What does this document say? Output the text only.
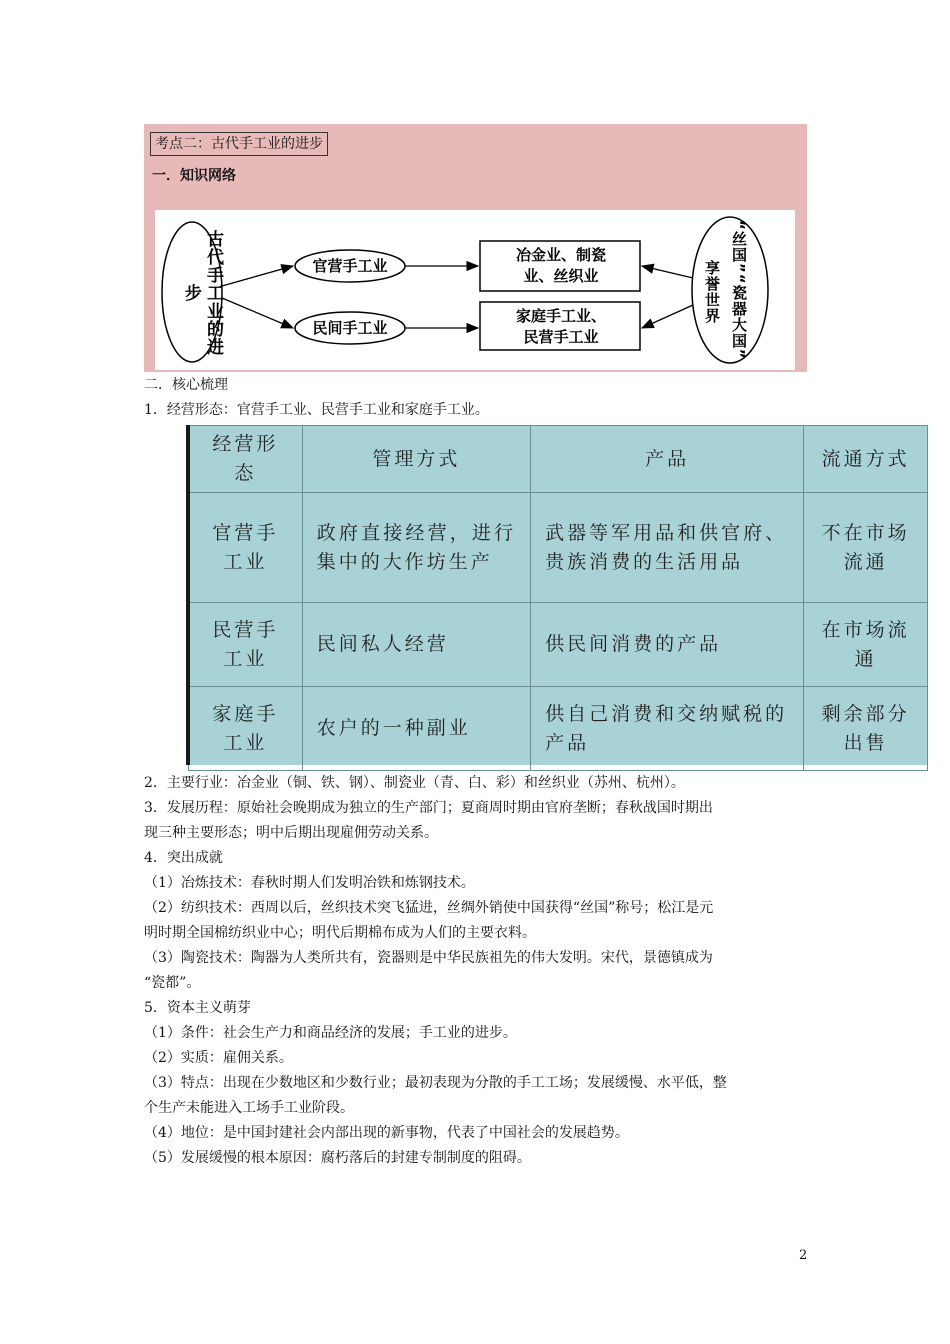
考点二：古代手工业的进步
一．知识网络
古代手工业的进步
官营手工业
民间手工业
冶金业、制瓷
业、丝织业
家庭手工业、
民营手工业	“丝国”“瓷器大国”
享誉世界
二．核心梳理
1．经营形态：官营手工业、民营手工业和家庭手工业。
经营形态	管理方式	产品	流通方式
官营手工业	政府直接经营，进行集中的大作坊生产	武器等军用品和供官府、贵族消费的生活用品	不在市场流通
民营手工业	民间私人经营	供民间消费的产品	在市场流通
家庭手工业	农户的一种副业	供自己消费和交纳赋税的产品	剩余部分出售
2．主要行业：冶金业（铜、铁、钢）、制瓷业（青、白、彩）和丝织业（苏州、杭州）。
3．发展历程：原始社会晚期成为独立的生产部门；夏商周时期由官府垄断；春秋战国时期出
现三种主要形态；明中后期出现雇佣劳动关系。
4．突出成就
（1）冶炼技术：春秋时期人们发明冶铁和炼钢技术。
（2）纺织技术：西周以后，丝织技术突飞猛进，丝绸外销使中国获得“丝国”称号；松江是元
明时期全国棉纺织业中心；明代后期棉布成为人们的主要衣料。
（3）陶瓷技术：陶器为人类所共有，瓷器则是中华民族祖先的伟大发明。宋代，景德镇成为
“瓷都”。
5．资本主义萌芽
（1）条件：社会生产力和商品经济的发展；手工业的进步。
（2）实质：雇佣关系。
（3）特点：出现在少数地区和少数行业；最初表现为分散的手工工场；发展缓慢、水平低，整
个生产未能进入工场手工业阶段。
（4）地位：是中国封建社会内部出现的新事物，代表了中国社会的发展趋势。
（5）发展缓慢的根本原因：腐朽落后的封建专制制度的阻碍。
2
